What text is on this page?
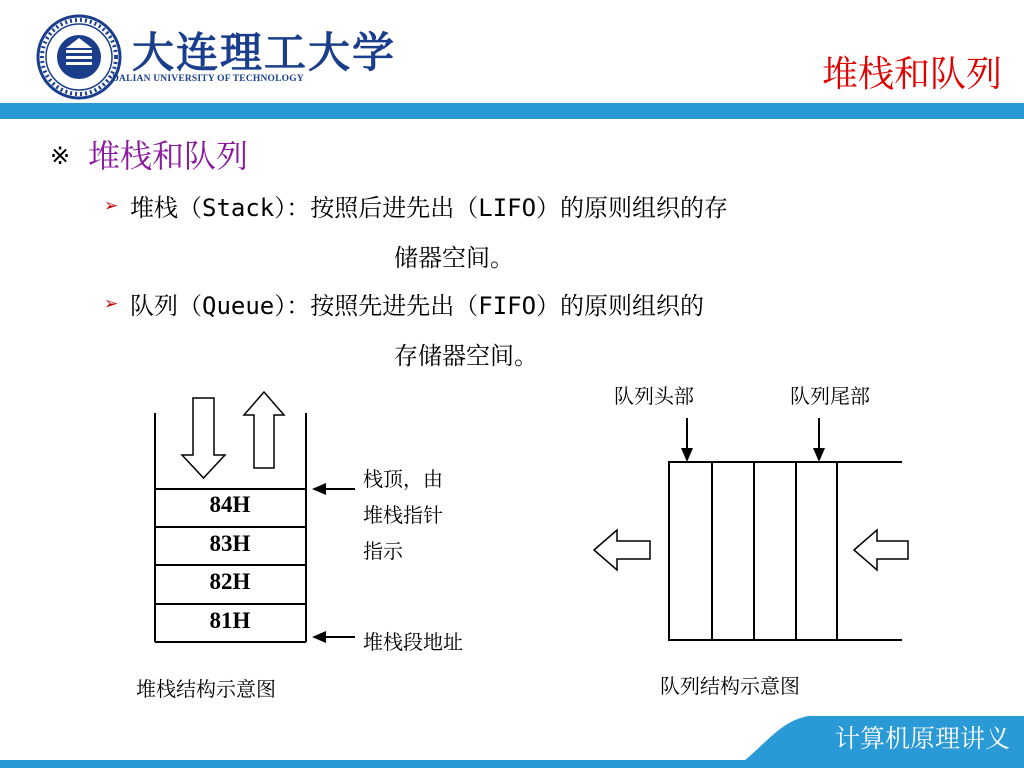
大连理工大学
DALIAN UNIVERSITY OF TECHNOLOGY	堆栈和队列
※ 堆栈和队列
➢ 堆栈（Stack）：按照后进先出（LIFO）的原则组织的存
储器空间。
➢ 队列（Queue）：按照先进先出（FIFO）的原则组织的
存储器空间。
84H
83H
82H
81H
栈顶，由
堆栈指针
指示
堆栈段地址
堆栈结构示意图
队列头部	队列尾部
队列结构示意图
计算机原理讲义
